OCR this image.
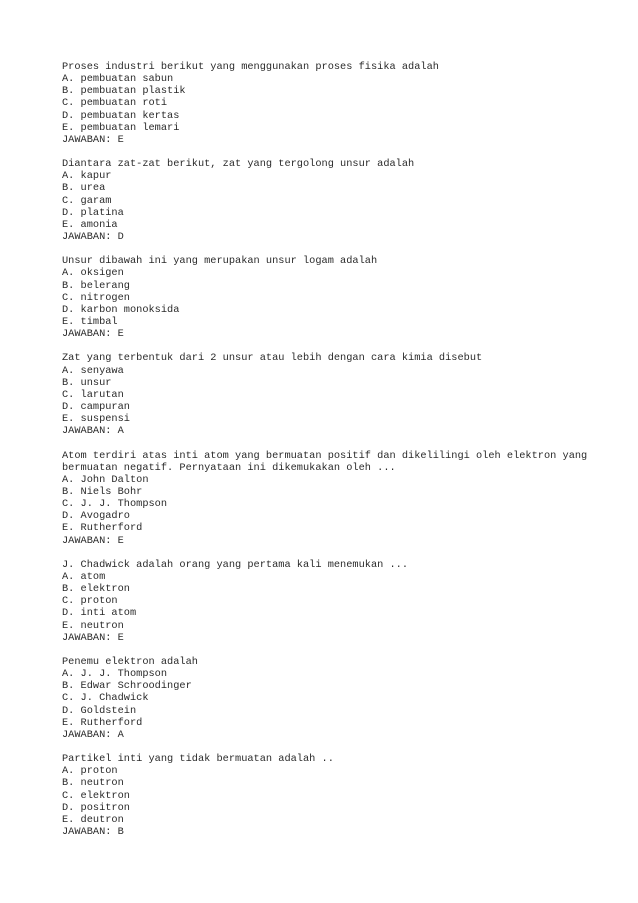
Proses industri berikut yang menggunakan proses fisika adalah
A. pembuatan sabun
B. pembuatan plastik
C. pembuatan roti
D. pembuatan kertas
E. pembuatan lemari
JAWABAN: E
Diantara zat-zat berikut, zat yang tergolong unsur adalah
A. kapur
B. urea
C. garam
D. platina
E. amonia
JAWABAN: D
Unsur dibawah ini yang merupakan unsur logam adalah
A. oksigen
B. belerang
C. nitrogen
D. karbon monoksida
E. timbal
JAWABAN: E
Zat yang terbentuk dari 2 unsur atau lebih dengan cara kimia disebut
A. senyawa
B. unsur
C. larutan
D. campuran
E. suspensi
JAWABAN: A
Atom terdiri atas inti atom yang bermuatan positif dan dikelilingi oleh elektron yang bermuatan negatif. Pernyataan ini dikemukakan oleh ...
A. John Dalton
B. Niels Bohr
C. J. J. Thompson
D. Avogadro
E. Rutherford
JAWABAN: E
J. Chadwick adalah orang yang pertama kali menemukan ...
A. atom
B. elektron
C. proton
D. inti atom
E. neutron
JAWABAN: E
Penemu elektron adalah
A. J. J. Thompson
B. Edwar Schroodinger
C. J. Chadwick
D. Goldstein
E. Rutherford
JAWABAN: A
Partikel inti yang tidak bermuatan adalah ..
A. proton
B. neutron
C. elektron
D. positron
E. deutron
JAWABAN: B
